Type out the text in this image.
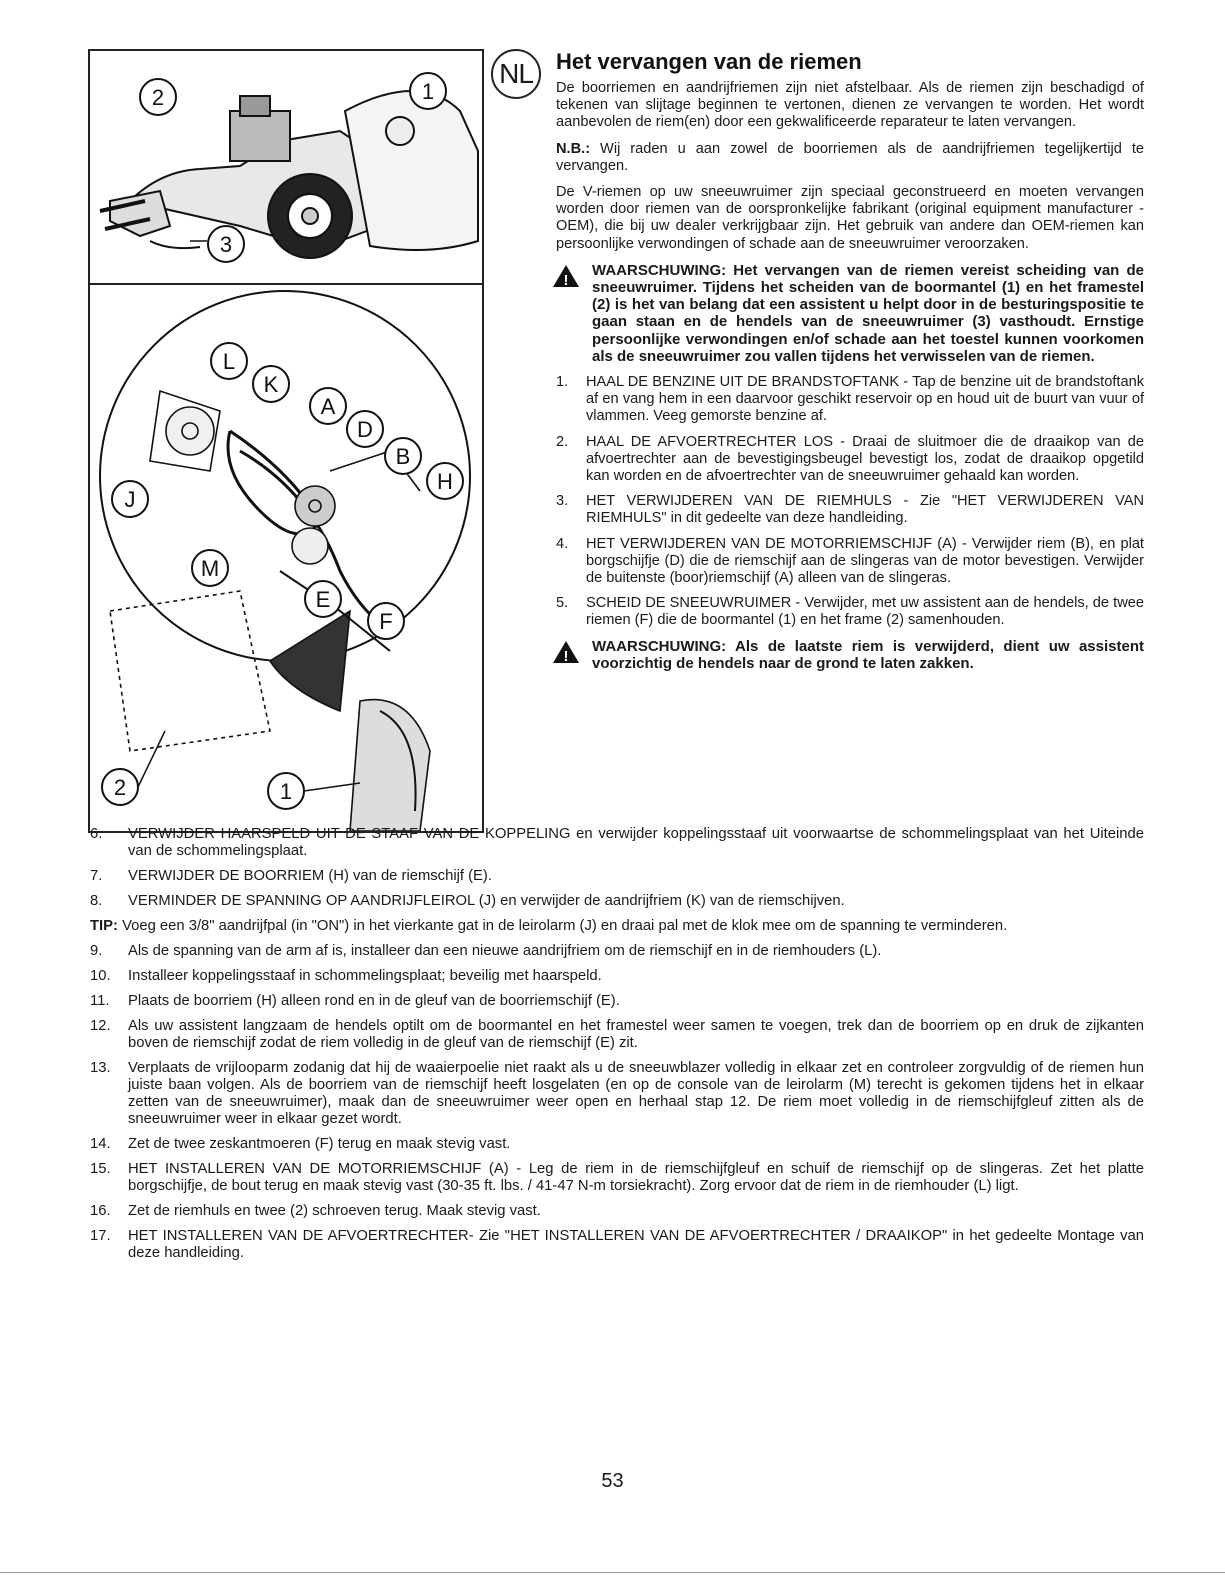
2	1
3
L
K
A
D
B
H
J
M
E
F
2	1
NL	Het vervangen van de riemen

De boorriemen en aandrijfriemen zijn niet afstelbaar. Als de riemen zijn beschadigd of tekenen van slijtage beginnen te vertonen, dienen ze vervangen te worden. Het wordt aanbevolen de riem(en) door een gekwalificeerde reparateur te laten vervangen.

N.B.: Wij raden u aan zowel de boorriemen als de aandrijfriemen tegelijkertijd te vervangen.

De V-riemen op uw sneeuwruimer zijn speciaal geconstrueerd en moeten vervangen worden door riemen van de oorspronkelijke fabrikant (original equipment manufacturer - OEM), die bij uw dealer verkrijgbaar zijn. Het gebruik van andere dan OEM-riemen kan persoonlijke verwondingen of schade aan de sneeuwruimer veroorzaken.

!
WAARSCHUWING: Het vervangen van de riemen vereist scheiding van de sneeuwruimer. Tijdens het scheiden van de boormantel (1) en het framestel (2) is het van belang dat een assistent u helpt door in de besturingspositie te gaan staan en de hendels van de sneeuwruimer (3) vasthoudt. Ernstige persoonlijke verwondingen en/of schade aan het toestel kunnen voorkomen als de sneeuwruimer zou vallen tijdens het verwisselen van de riemen.
1. HAAL DE BENZINE UIT DE BRANDSTOFTANK - Tap de benzine uit de brandstoftank af en vang hem in een daarvoor geschikt reservoir op en houd uit de buurt van vuur of vlammen. Veeg gemorste benzine af.
2. HAAL DE AFVOERTRECHTER LOS - Draai de sluitmoer die de draaikop van de afvoertrechter aan de bevestigingsbeugel bevestigt los, zodat de draaikop opgetild kan worden en de afvoertrechter van de sneeuwruimer gehaald kan worden.
3. HET VERWIJDEREN VAN DE RIEMHULS - Zie "HET VERWIJDEREN VAN RIEMHULS" in dit gedeelte van deze handleiding.
4. HET VERWIJDEREN VAN DE MOTORRIEMSCHIJF (A) - Verwijder riem (B), en plat borgschijfje (D) die de riemschijf aan de slingeras van de motor bevestigen. Verwijder de buitenste (boor)riemschijf (A) alleen van de slingeras.
5. SCHEID DE SNEEUWRUIMER - Verwijder, met uw assistent aan de hendels, de twee riemen (F) die de boormantel (1) en het frame (2) samenhouden.
!
WAARSCHUWING: Als de laatste riem is verwijderd, dient uw assistent voorzichtig de hendels naar de grond te laten zakken.
6. VERWIJDER HAARSPELD UIT DE STAAF VAN DE KOPPELING en verwijder koppelingsstaaf uit voorwaartse de schommelingsplaat van het Uiteinde van de schommelingsplaat.
7. VERWIJDER DE BOORRIEM (H) van de riemschijf (E).
8. VERMINDER DE SPANNING OP AANDRIJFLEIROL (J) en verwijder de aandrijfriem (K) van de riemschijven.

TIP: Voeg een 3/8" aandrijfpal (in "ON") in het vierkante gat in de leirolarm (J) en draai pal met de klok mee om de spanning te verminderen.

9. Als de spanning van de arm af is, installeer dan een nieuwe aandrijfriem om de riemschijf en in de riemhouders (L).
10. Installeer koppelingsstaaf in schommelingsplaat; beveilig met haarspeld.
11. Plaats de boorriem (H) alleen rond en in de gleuf van de boorriemschijf (E).
12. Als uw assistent langzaam de hendels optilt om de boormantel en het framestel weer samen te voegen, trek dan de boorriem op en druk de zijkanten boven de riemschijf zodat de riem volledig in de gleuf van de riemschijf (E) zit.
13. Verplaats de vrijlooparm zodanig dat hij de waaierpoelie niet raakt als u de sneeuwblazer volledig in elkaar zet en controleer zorgvuldig of de riemen hun juiste baan volgen. Als de boorriem van de riemschijf heeft losgelaten (en op de console van de leirolarm (M) terecht is gekomen tijdens het in elkaar zetten van de sneeuwruimer), maak dan de sneeuwruimer weer open en herhaal stap 12. De riem moet volledig in de riemschijfgleuf zitten als de sneeuwruimer weer in elkaar gezet wordt.
14. Zet de twee zeskantmoeren (F) terug en maak stevig vast.
15. HET INSTALLEREN VAN DE MOTORRIEMSCHIJF (A) - Leg de riem in de riemschijfgleuf en schuif de riemschijf op de slingeras. Zet het platte borgschijfje, de bout terug en maak stevig vast (30-35 ft. lbs. / 41-47 N-m torsiekracht). Zorg ervoor dat de riem in de riemhouder (L) ligt.
16. Zet de riemhuls en twee (2) schroeven terug. Maak stevig vast.
17. HET INSTALLEREN VAN DE AFVOERTRECHTER- Zie "HET INSTALLEREN VAN DE AFVOERTRECHTER / DRAAIKOP" in het gedeelte Montage van deze handleiding.
53
